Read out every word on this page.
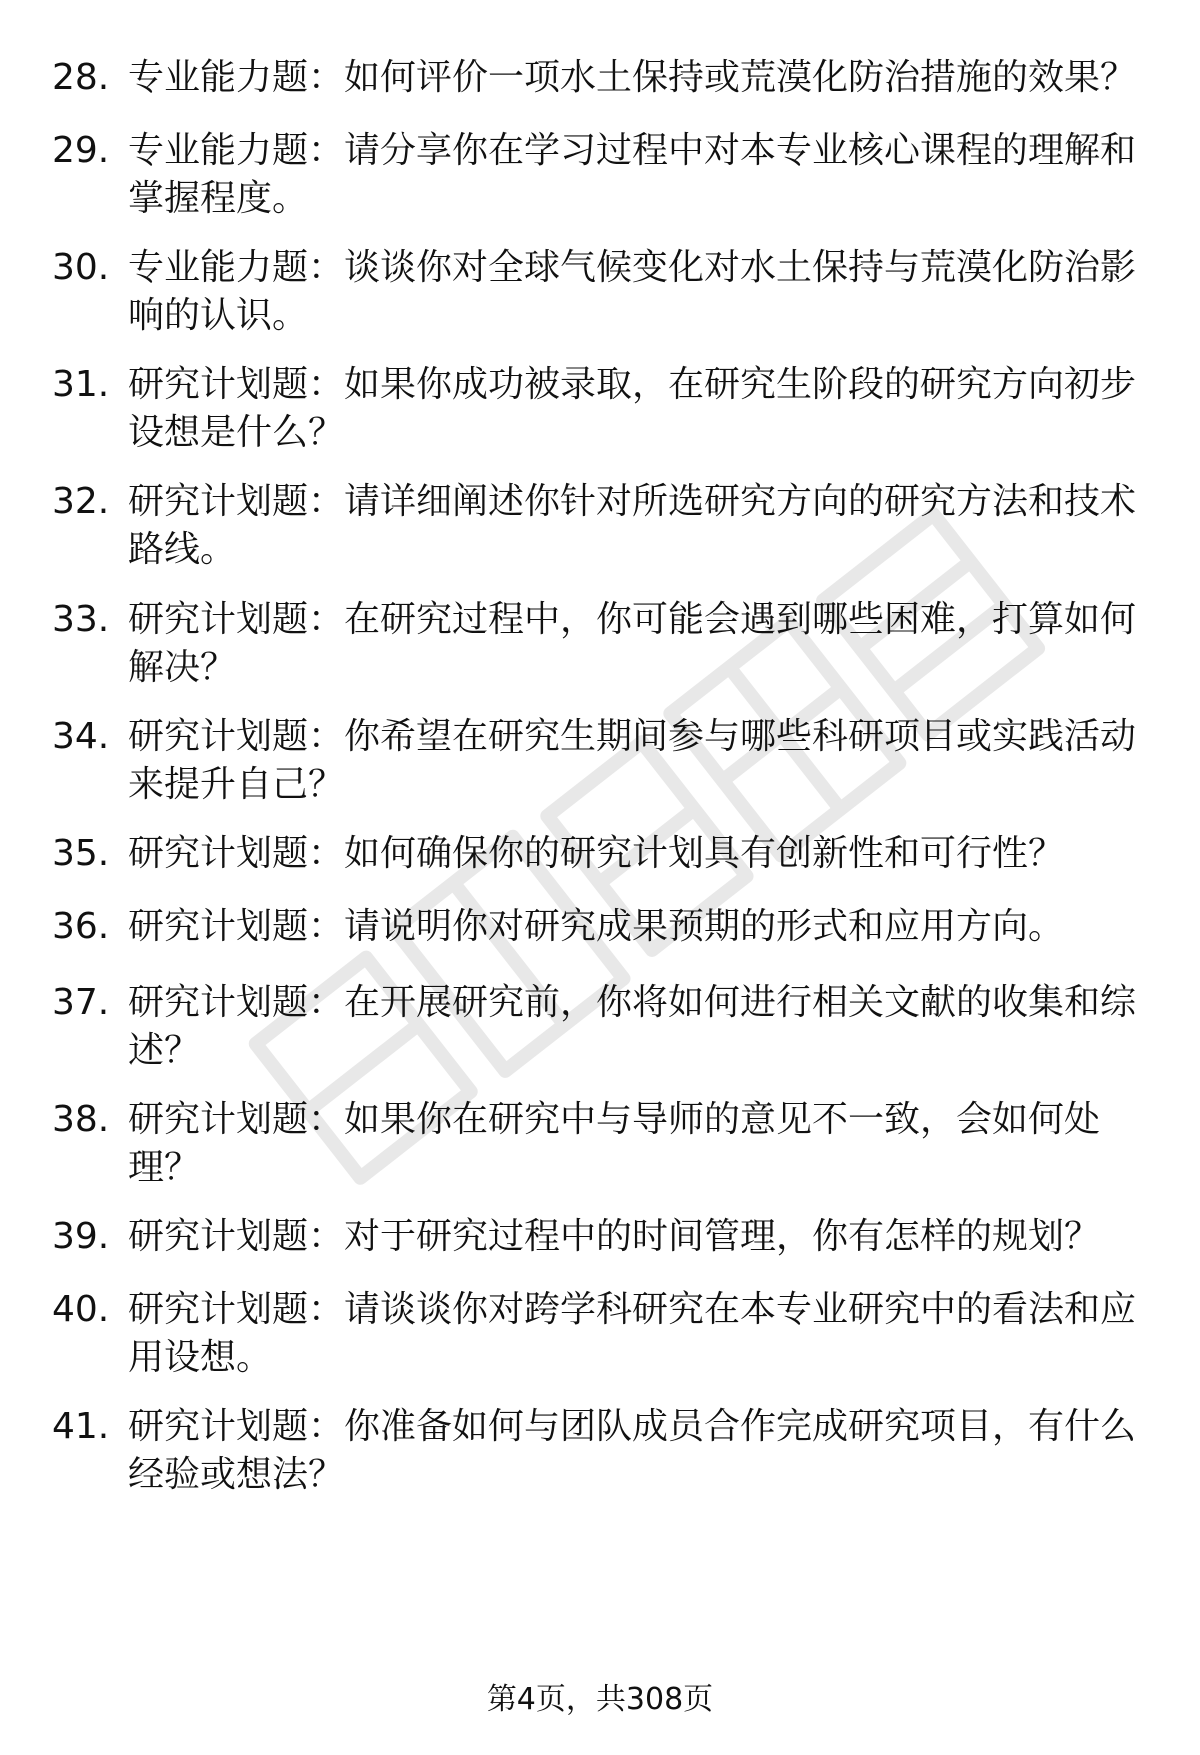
28. 专业能力题：如何评价一项水土保持或荒漠化防治措施的效果？
29. 专业能力题：请分享你在学习过程中对本专业核心课程的理解和掌握程度。
30. 专业能力题：谈谈你对全球气候变化对水土保持与荒漠化防治影响的认识。
31. 研究计划题：如果你成功被录取，在研究生阶段的研究方向初步设想是什么？
32. 研究计划题：请详细阐述你针对所选研究方向的研究方法和技术路线。
33. 研究计划题：在研究过程中，你可能会遇到哪些困难，打算如何解决？
34. 研究计划题：你希望在研究生期间参与哪些科研项目或实践活动来提升自己？
35. 研究计划题：如何确保你的研究计划具有创新性和可行性？
36. 研究计划题：请说明你对研究成果预期的形式和应用方向。
37. 研究计划题：在开展研究前，你将如何进行相关文献的收集和综述？
38. 研究计划题：如果你在研究中与导师的意见不一致，会如何处理？
39. 研究计划题：对于研究过程中的时间管理，你有怎样的规划？
40. 研究计划题：请谈谈你对跨学科研究在本专业研究中的看法和应用设想。
41. 研究计划题：你准备如何与团队成员合作完成研究项目，有什么经验或想法？
第4页，共308页
